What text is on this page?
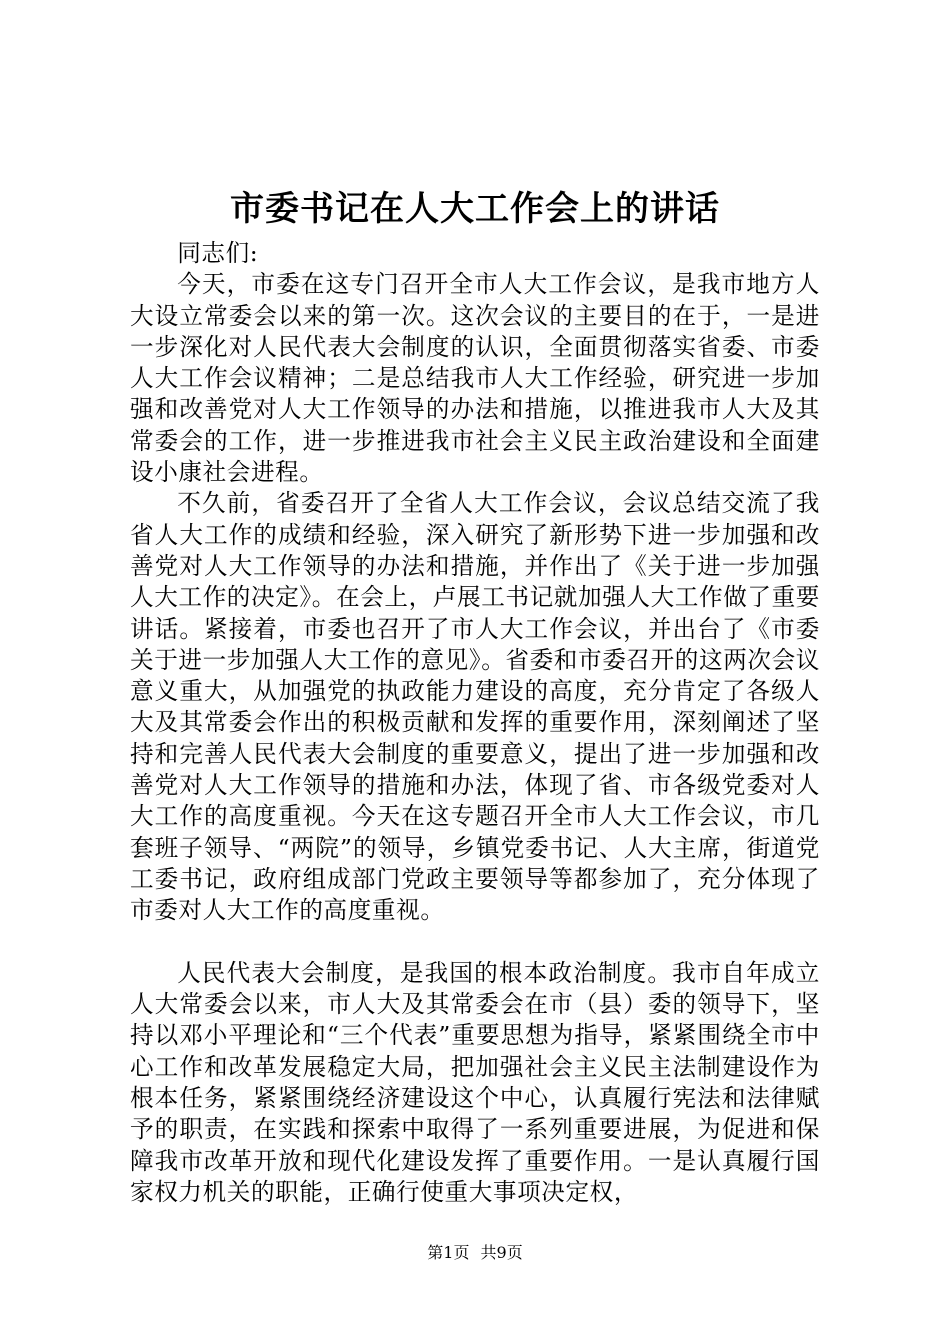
市委书记在人大工作会上的讲话
同志们:

今天，市委在这专门召开全市人大工作会议，是我市地方人大设立常委会以来的第一次。这次会议的主要目的在于，一是进一步深化对人民代表大会制度的认识，全面贯彻落实省委、市委人大工作会议精神；二是总结我市人大工作经验，研究进一步加强和改善党对人大工作领导的办法和措施，以推进我市人大及其常委会的工作，进一步推进我市社会主义民主政治建设和全面建设小康社会进程。

不久前，省委召开了全省人大工作会议，会议总结交流了我省人大工作的成绩和经验，深入研究了新形势下进一步加强和改善党对人大工作领导的办法和措施，并作出了《关于进一步加强人大工作的决定》。在会上，卢展工书记就加强人大工作做了重要讲话。紧接着，市委也召开了市人大工作会议，并出台了《市委关于进一步加强人大工作的意见》。省委和市委召开的这两次会议意义重大，从加强党的执政能力建设的高度，充分肯定了各级人大及其常委会作出的积极贡献和发挥的重要作用，深刻阐述了坚持和完善人民代表大会制度的重要意义，提出了进一步加强和改善党对人大工作领导的措施和办法，体现了省、市各级党委对人大工作的高度重视。今天在这专题召开全市人大工作会议，市几套班子领导、“两院”的领导，乡镇党委书记、人大主席，街道党工委书记，政府组成部门党政主要领导等都参加了，充分体现了市委对人大工作的高度重视。

人民代表大会制度，是我国的根本政治制度。我市自年成立人大常委会以来，市人大及其常委会在市（县）委的领导下，坚持以邓小平理论和“三个代表”重要思想为指导，紧紧围绕全市中心工作和改革发展稳定大局，把加强社会主义民主法制建设作为根本任务，紧紧围绕经济建设这个中心，认真履行宪法和法律赋予的职责，在实践和探索中取得了一系列重要进展，为促进和保障我市改革开放和现代化建设发挥了重要作用。一是认真履行国家权力机关的职能，正确行使重大事项决定权，

第1页 共9页
